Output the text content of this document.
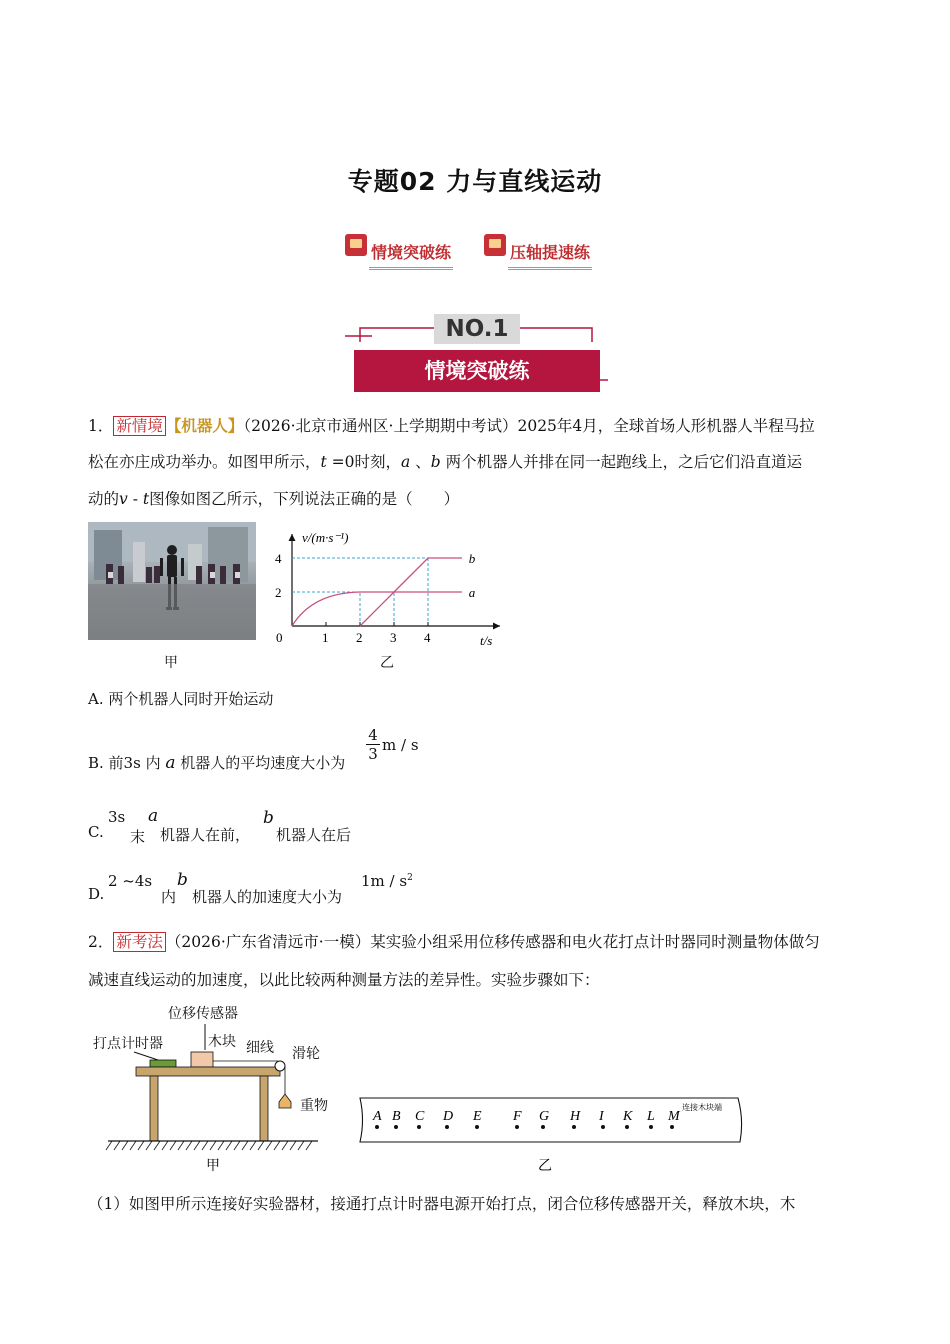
专题02 力与直线运动
情境突破练	压轴提速练
NO.1
情境突破练
1． 新情境 【机器人】（2026·北京市通州区·上学期期中考试）2025年4月，全球首场人形机器人半程马拉
松在亦庄成功举办。如图甲所示，t =0时刻，a 、b 两个机器人并排在同一起跑线上，之后它们沿直道运
动的v - t图像如图乙所示，下列说法正确的是（　　）
甲
1 2 3 4
2
4
v/(m·s⁻¹)
t/s
0
a
b
乙
A. 两个机器人同时开始运动
B. 前3s 内 a 机器人的平均速度大小为 $\frac{4}{3}$ m / s
C.
3s
末
a
机器人在前，
b
机器人在后
D.
2 ~4s
内
b
机器人的加速度大小为
$1m / s^2$
2． 新考法 （2026·广东省清远市·一模）某实验小组采用位移传感器和电火花打点计时器同时测量物体做匀
减速直线运动的加速度，以此比较两种测量方法的差异性。实验步骤如下：
位移传感器
打点计时器	木块 细线 滑轮
重物
甲
连接木块端
A B C D E F G H I K L M
乙
（1）如图甲所示连接好实验器材，接通打点计时器电源开始打点，闭合位移传感器开关，释放木块，木
